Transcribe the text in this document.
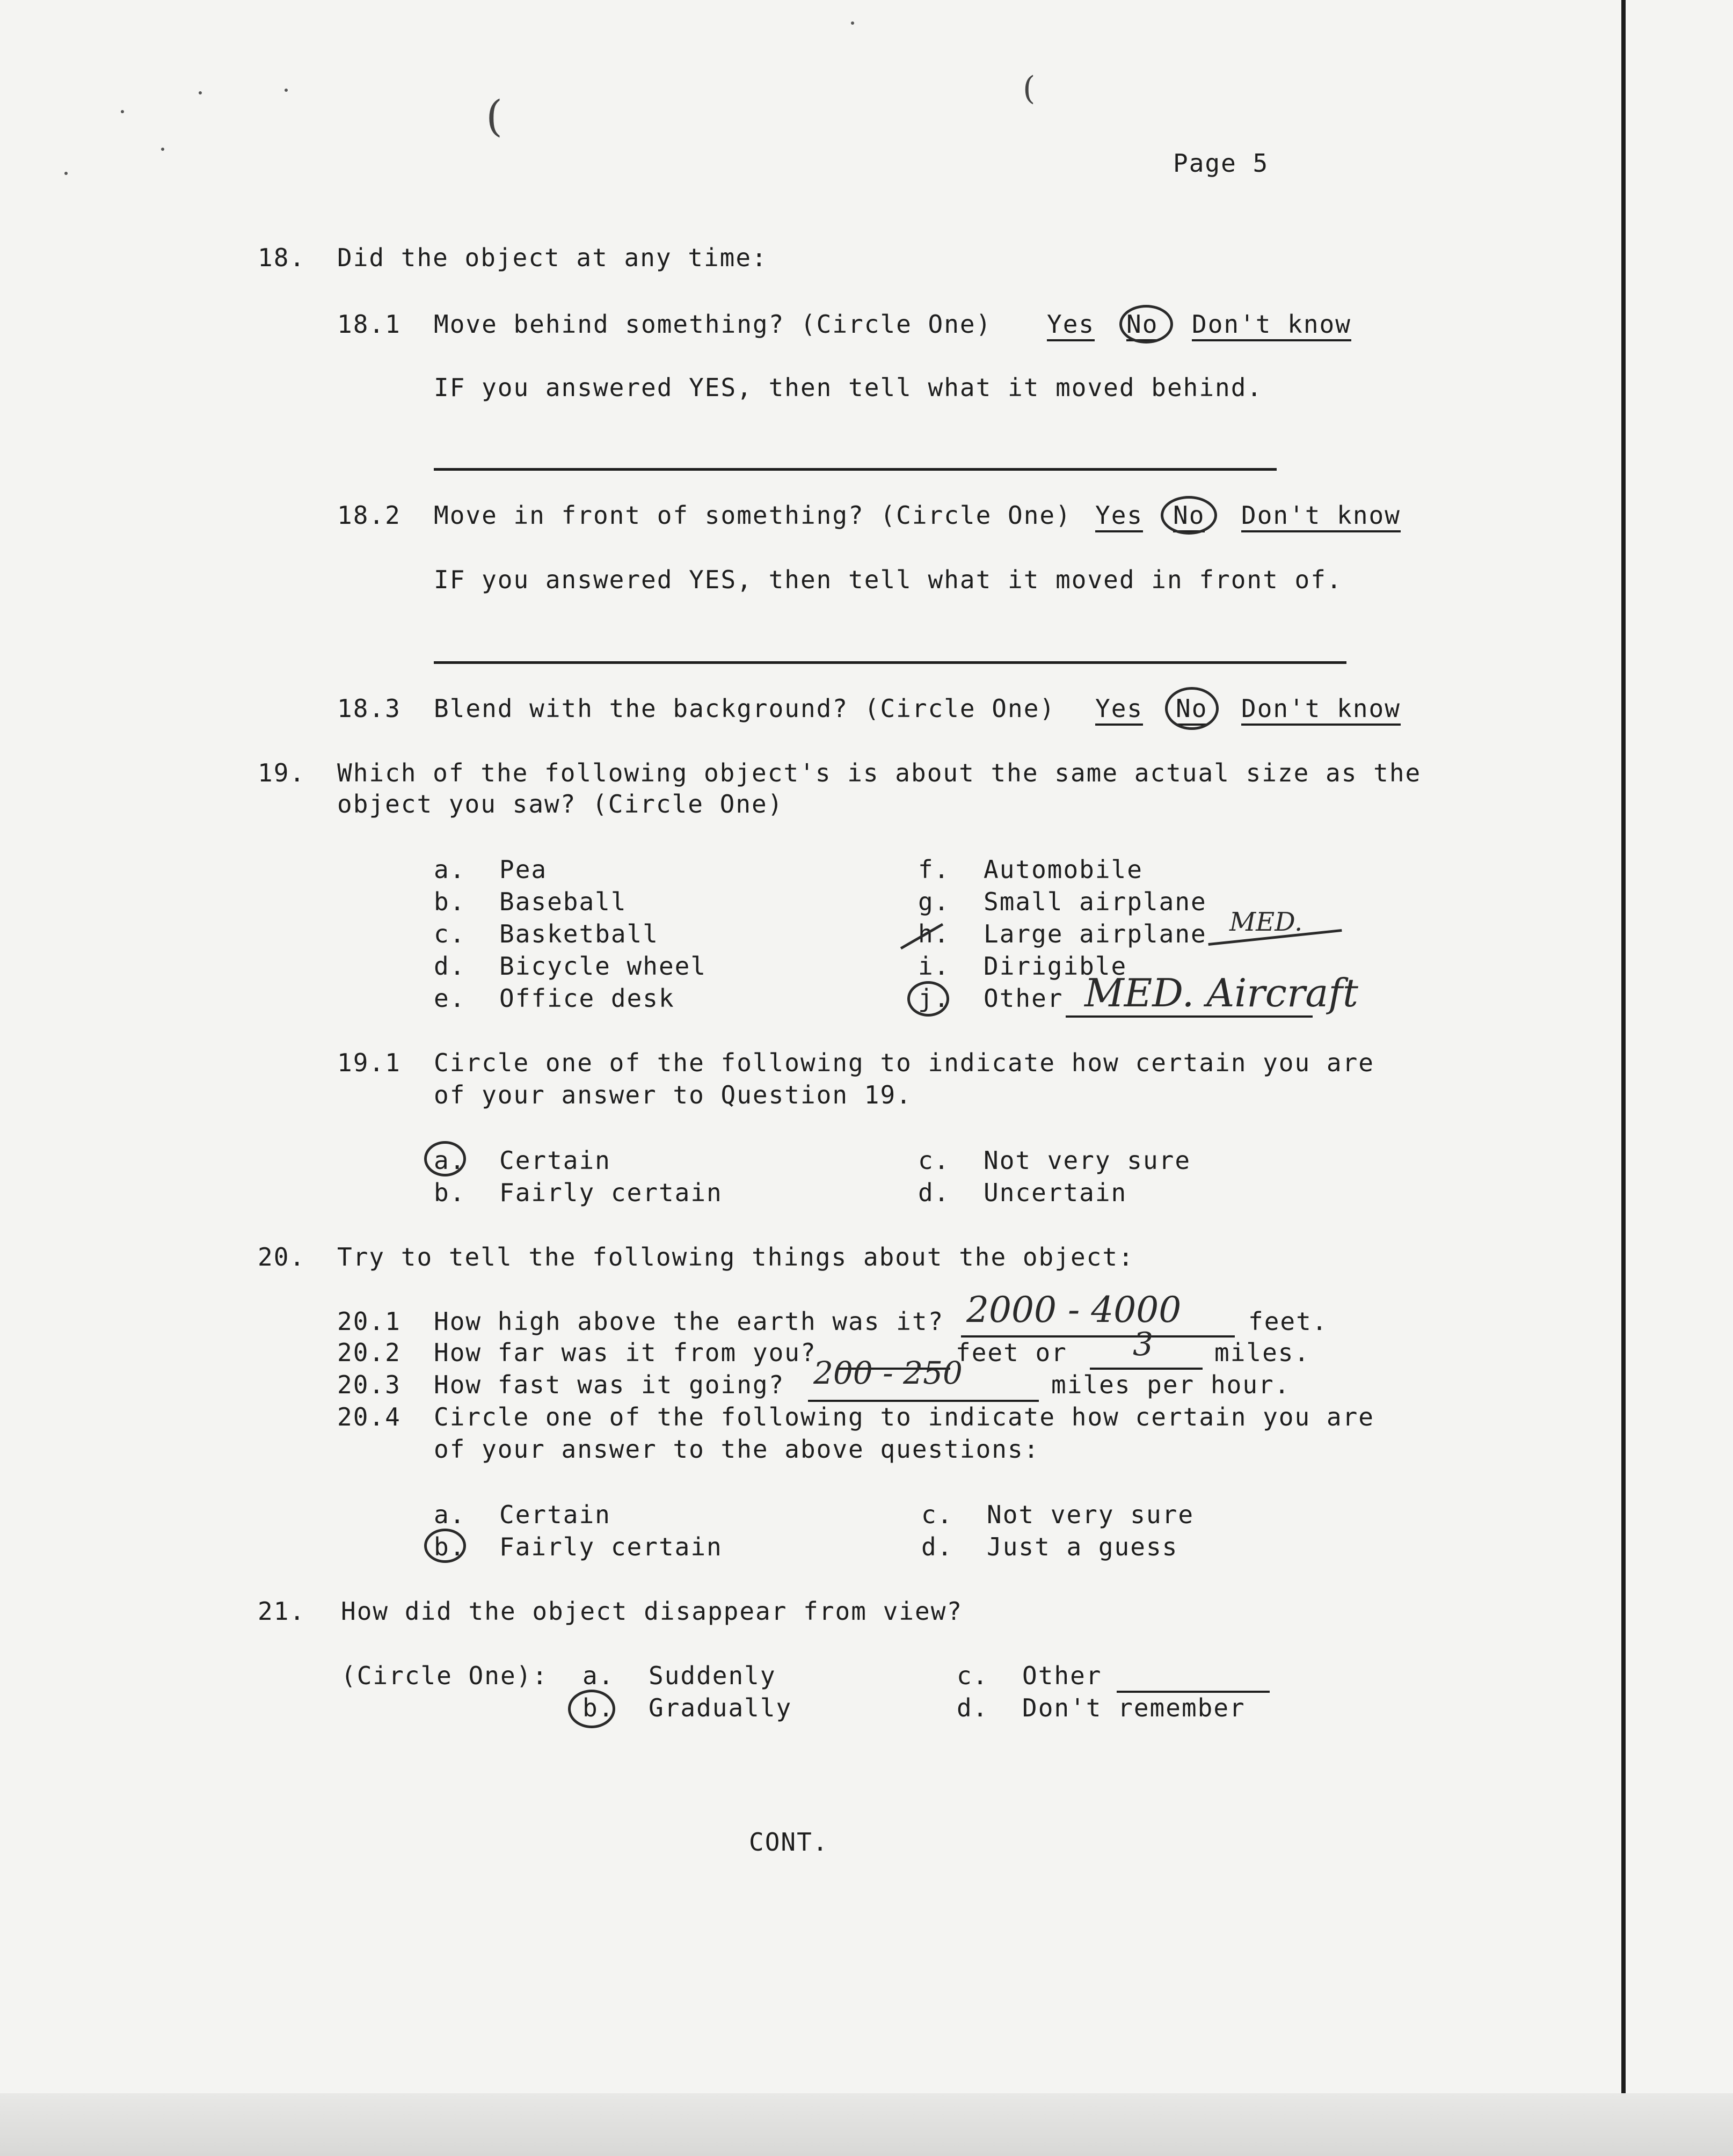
(
(
Page 5
18. Did the object at any time:
18.1 Move behind something? (Circle One) Yes No Don't know
IF you answered YES, then tell what it moved behind.
18.2 Move in front of something? (Circle One) Yes No Don't know
IF you answered YES, then tell what it moved in front of.
18.3 Blend with the background? (Circle One) Yes No Don't know
19. Which of the following object's is about the same actual size as the
object you saw? (Circle One)
a. Pea
b. Baseball
c. Basketball
d. Bicycle wheel
e. Office desk
f. Automobile
g. Small airplane
h. Large airplane MED.
i. Dirigible
j. Other MED. Aircraft
19.1 Circle one of the following to indicate how certain you are
of your answer to Question 19.
a. Certain
b. Fairly certain
c. Not very sure
d. Uncertain
20. Try to tell the following things about the object:
20.1 How high above the earth was it? 2000 - 4000	feet.
20.2 How far was it from you?	feet or 3 miles.
20.3 How fast was it going? 200 - 250	miles per hour.
20.4 Circle one of the following to indicate how certain you are
of your answer to the above questions:
a. Certain
b. Fairly certain
c. Not very sure
d. Just a guess
21. How did the object disappear from view?
(Circle One): a. Suddenly
b. Gradually
c. Other
d. Don't remember
CONT.
